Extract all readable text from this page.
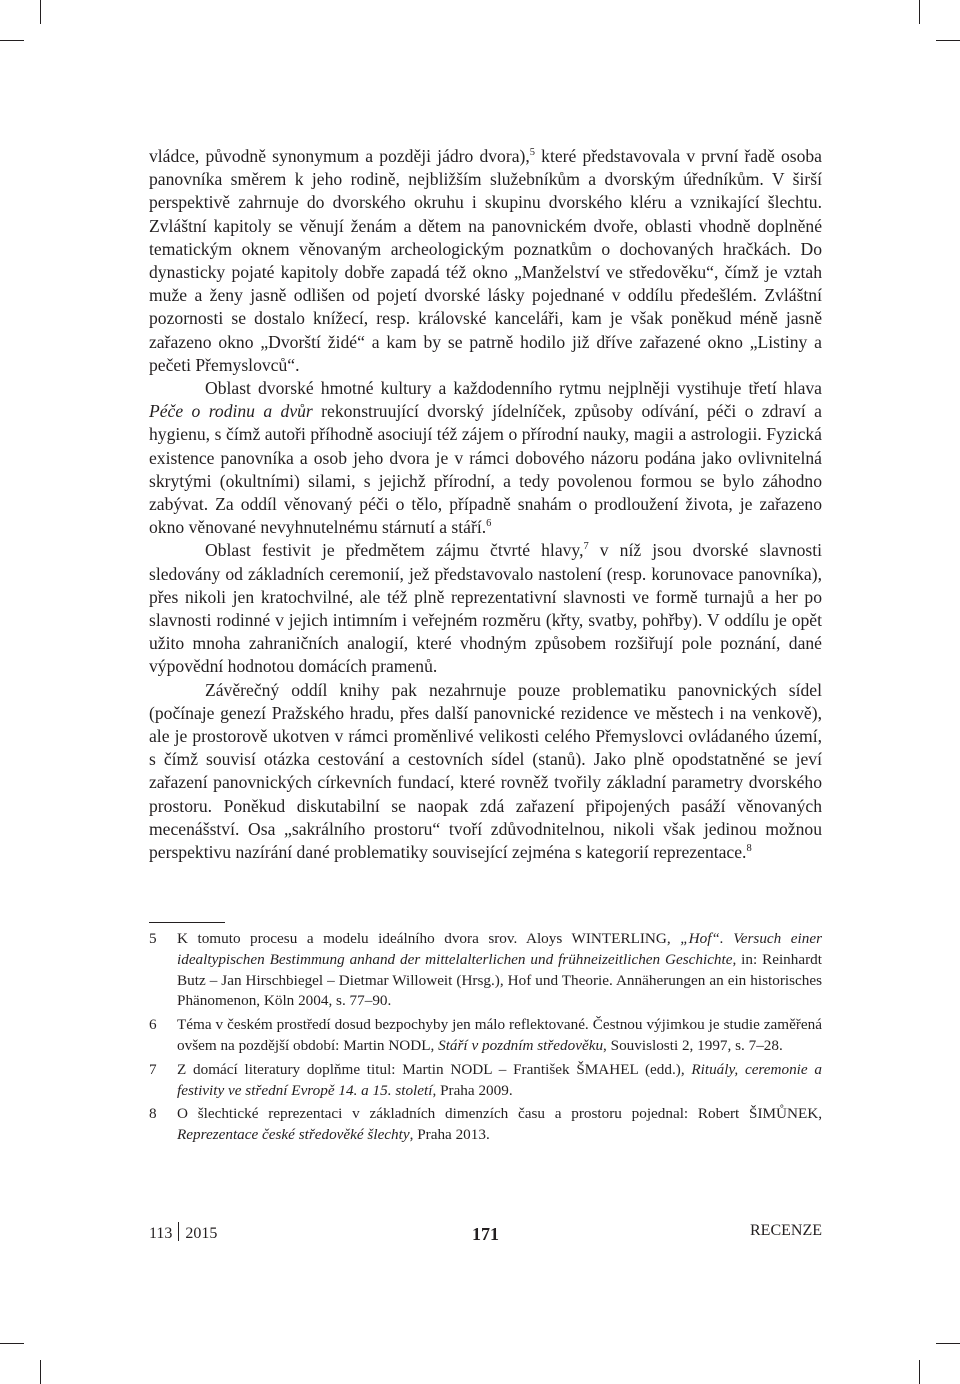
vládce, původně synonymum a později jádro dvora),$^5$ které představovala v první řadě osoba panovníka směrem k jeho rodině, nejbližším služebníkům a dvorským úředníkům. V širší perspektivě zahrnuje do dvorského okruhu i skupinu dvorského kléru a vznikající šlechtu. Zvláštní kapitoly se věnují ženám a dětem na panovnickém dvoře, oblasti vhodně doplněné tematickým oknem věnovaným archeologickým poznatkům o dochovaných hračkách. Do dynasticky pojaté kapitoly dobře zapadá též okno „Manželství ve středověku“, čímž je vztah muže a ženy jasně odlišen od pojetí dvorské lásky pojednané v oddílu předešlém. Zvláštní pozornosti se dostalo knížecí, resp. královské kanceláři, kam je však poněkud méně jasně zařazeno okno „Dvorští židé“ a kam by se patrně hodilo již dříve zařazené okno „Listiny a pečeti Přemyslovců“.

Oblast dvorské hmotné kultury a každodenního rytmu nejplněji vystihuje třetí hlava Péče o rodinu a dvůr rekonstruující dvorský jídelníček, způsoby odívání, péči o zdraví a hygienu, s čímž autoři příhodně asociují též zájem o přírodní nauky, magii a astrologii. Fyzická existence panovníka a osob jeho dvora je v rámci dobového názoru podána jako ovlivnitelná skrytými (okultními) silami, s jejichž přírodní, a tedy povolenou formou se bylo záhodno zabývat. Za oddíl věnovaný péči o tělo, případně snahám o prodloužení života, je zařazeno okno věnované nevyhnutelnému stárnutí a stáří.$^6$

Oblast festivit je předmětem zájmu čtvrté hlavy,$^7$ v níž jsou dvorské slavnosti sledovány od základních ceremonií, jež představovalo nastolení (resp. korunovace panovníka), přes nikoli jen kratochvilné, ale též plně reprezentativní slavnosti ve formě turnajů a her po slavnosti rodinné v jejich intimním i veřejném rozměru (křty, svatby, pohřby). V oddílu je opět užito mnoha zahraničních analogií, které vhodným způsobem rozšiřují pole poznání, dané výpovědní hodnotou domácích pramenů.

Závěrečný oddíl knihy pak nezahrnuje pouze problematiku panovnických sídel (počínaje genezí Pražského hradu, přes další panovnické rezidence ve městech i na venkově), ale je prostorově ukotven v rámci proměnlivé velikosti celého Přemyslovci ovládaného území, s čímž souvisí otázka cestování a cestovních sídel (stanů). Jako plně opodstatněné se jeví zařazení panovnických církevních fundací, které rovněž tvořily základní parametry dvorského prostoru. Poněkud diskutabilní se naopak zdá zařazení připojených pasáží věnovaných mecenášství. Osa „sakrálního prostoru“ tvoří zdůvodnitelnou, nikoli však jedinou možnou perspektivu nazírání dané problematiky související zejména s kategorií reprezentace.$^8$

5	K tomuto procesu a modelu ideálního dvora srov. Aloys WINTERLING, „Hof“. Versuch einer idealtypischen Bestimmung anhand der mittelalterlichen und frühneizeitlichen Geschichte, in: Reinhardt Butz – Jan Hirschbiegel – Dietmar Willoweit (Hrsg.), Hof und Theorie. Annäherungen an ein historisches Phänomenon, Köln 2004, s. 77–90.
6	Téma v českém prostředí dosud bezpochyby jen málo reflektované. Čestnou výjimkou je studie zaměřená ovšem na pozdější období: Martin NODL, Stáří v pozdním středověku, Souvislosti 2, 1997, s. 7–28.
7	Z domácí literatury doplňme titul: Martin NODL – František ŠMAHEL (edd.), Rituály, ceremonie a festivity ve střední Evropě 14. a 15. století, Praha 2009.
8	O šlechtické reprezentaci v základních dimenzích času a prostoru pojednal: Robert ŠIMŮNEK, Reprezentace české středověké šlechty, Praha 2013.
113 2015	171	RECENZE
